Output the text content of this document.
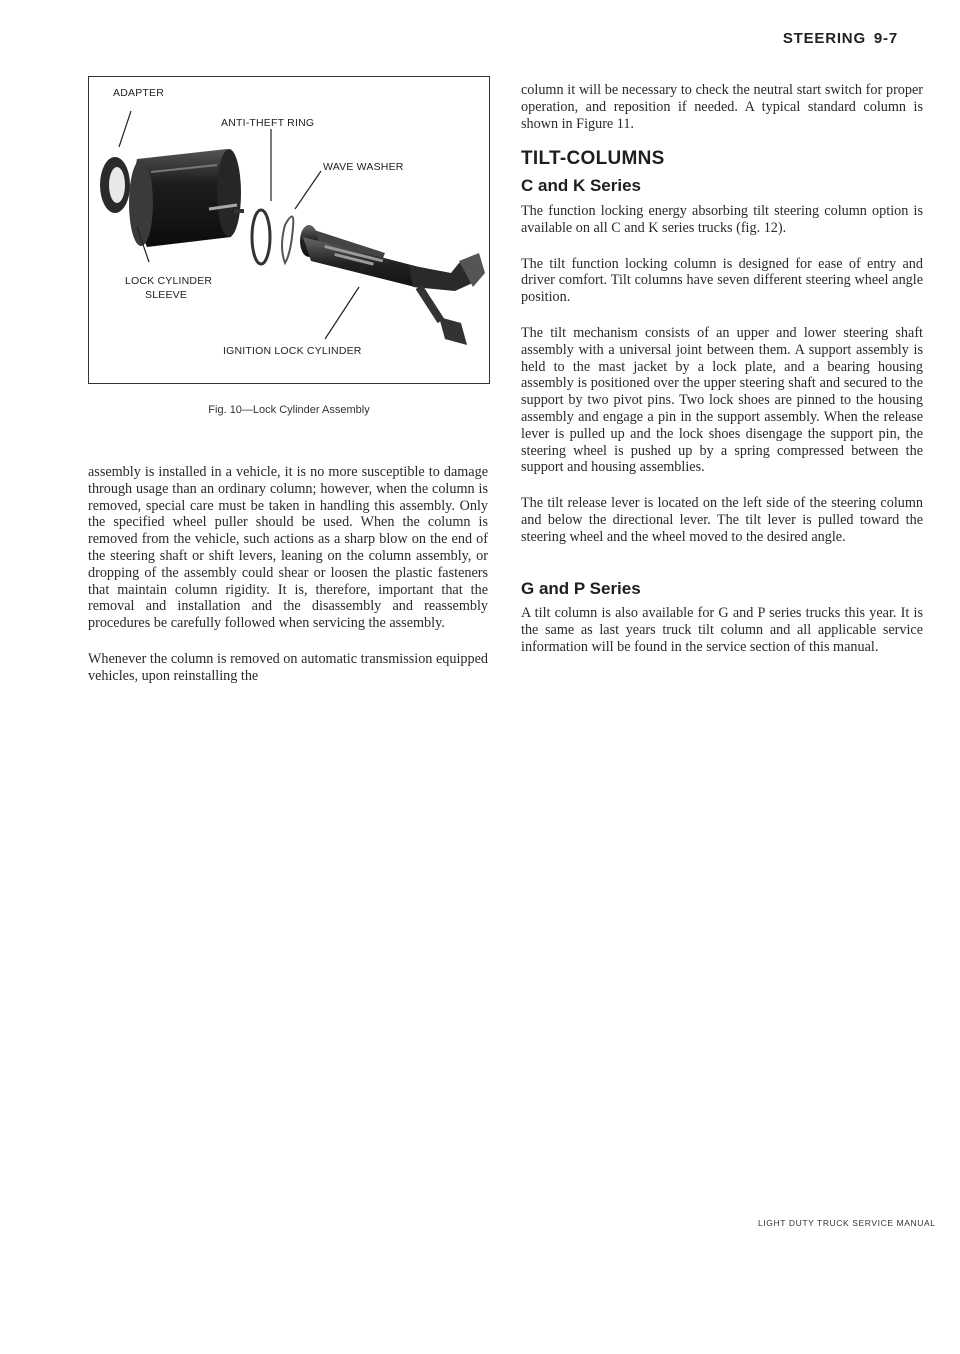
STEERING 9-7
ADAPTER
ANTI-THEFT RING
WAVE WASHER
LOCK CYLINDER
SLEEVE
IGNITION LOCK CYLINDER
Fig. 10—Lock Cylinder Assembly

assembly is installed in a vehicle, it is no more susceptible to damage through usage than an ordinary column; however, when the column is removed, special care must be taken in handling this assembly. Only the specified wheel puller should be used. When the column is removed from the vehicle, such actions as a sharp blow on the end of the steering shaft or shift levers, leaning on the column assembly, or dropping of the assembly could shear or loosen the plastic fasteners that maintain column rigidity. It is, therefore, important that the removal and installation and the disassembly and reassembly procedures be carefully followed when servicing the assembly.

Whenever the column is removed on automatic transmission equipped vehicles, upon reinstalling the

column it will be necessary to check the neutral start switch for proper operation, and reposition if needed. A typical standard column is shown in Figure 11.

TILT-COLUMNS
C and K Series

The function locking energy absorbing tilt steering column option is available on all C and K series trucks (fig. 12).

The tilt function locking column is designed for ease of entry and driver comfort. Tilt columns have seven different steering wheel angle position.

The tilt mechanism consists of an upper and lower steering shaft assembly with a universal joint between them. A support assembly is held to the mast jacket by a lock plate, and a bearing housing assembly is positioned over the upper steering shaft and secured to the support by two pivot pins. Two lock shoes are pinned to the housing assembly and engage a pin in the support assembly. When the release lever is pulled up and the lock shoes disengage the support pin, the steering wheel is pushed up by a spring compressed between the support and housing assemblies.

The tilt release lever is located on the left side of the steering column and below the directional lever. The tilt lever is pulled toward the steering wheel and the wheel moved to the desired angle.

G and P Series

A tilt column is also available for G and P series trucks this year. It is the same as last years truck tilt column and all applicable service information will be found in the service section of this manual.

LIGHT DUTY TRUCK SERVICE MANUAL
